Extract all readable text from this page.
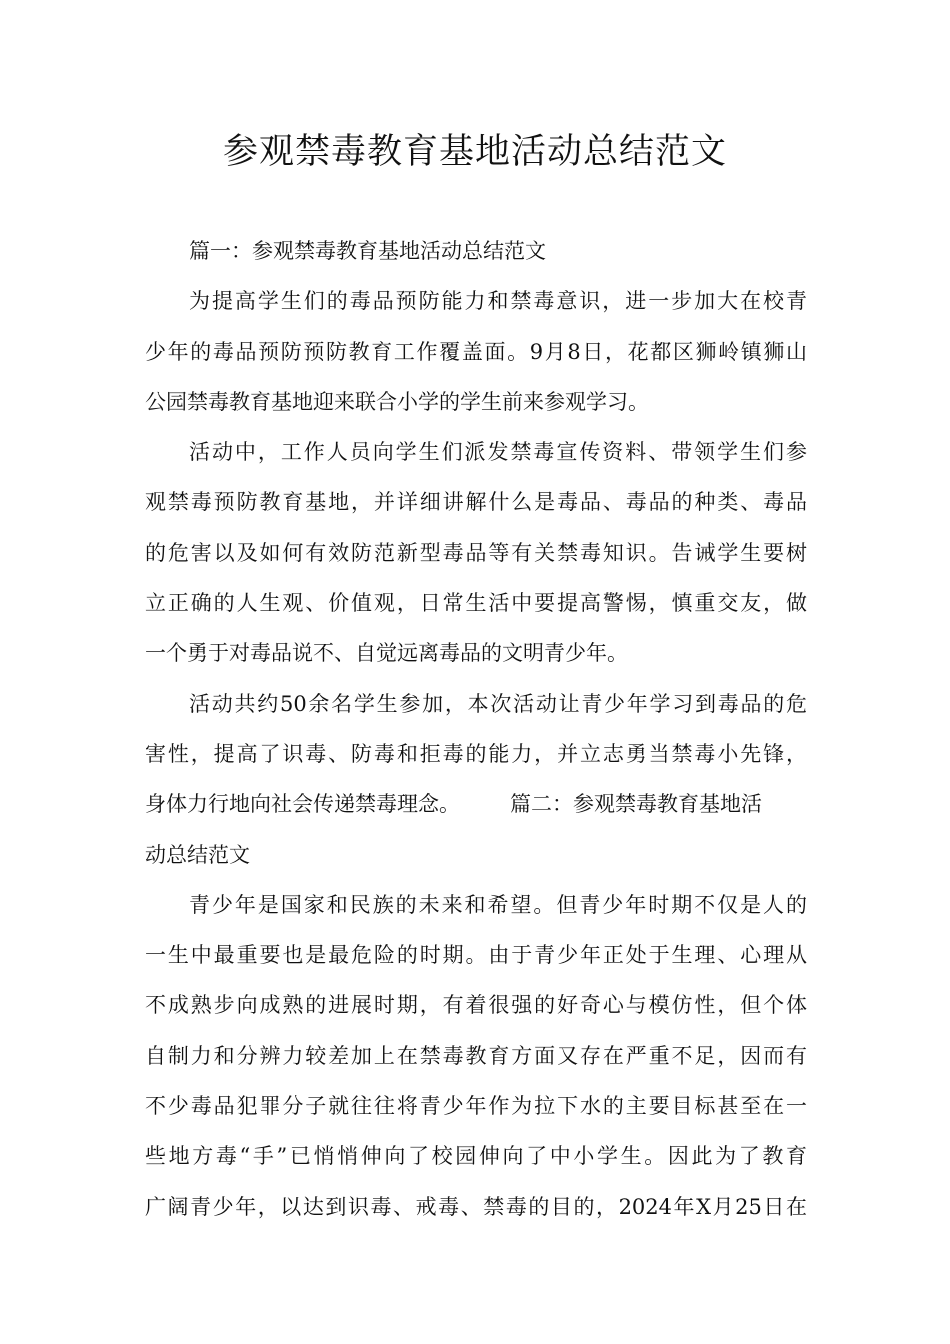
参观禁毒教育基地活动总结范文
篇一：参观禁毒教育基地活动总结范文
为提高学生们的毒品预防能力和禁毒意识，进一步加大在校青
少年的毒品预防预防教育工作覆盖面。9月8日，花都区狮岭镇狮山
公园禁毒教育基地迎来联合小学的学生前来参观学习。
活动中，工作人员向学生们派发禁毒宣传资料、带领学生们参
观禁毒预防教育基地，并详细讲解什么是毒品、毒品的种类、毒品
的危害以及如何有效防范新型毒品等有关禁毒知识。告诫学生要树
立正确的人生观、价值观，日常生活中要提高警惕，慎重交友，做
一个勇于对毒品说不、自觉远离毒品的文明青少年。
活动共约50余名学生参加，本次活动让青少年学习到毒品的危
害性，提高了识毒、防毒和拒毒的能力，并立志勇当禁毒小先锋，
身体力行地向社会传递禁毒理念。 篇二：参观禁毒教育基地活
动总结范文
青少年是国家和民族的未来和希望。但青少年时期不仅是人的
一生中最重要也是最危险的时期。由于青少年正处于生理、心理从
不成熟步向成熟的进展时期，有着很强的好奇心与模仿性，但个体
自制力和分辨力较差加上在禁毒教育方面又存在严重不足，因而有
不少毒品犯罪分子就往往将青少年作为拉下水的主要目标甚至在一
些地方毒“手”已悄悄伸向了校园伸向了中小学生。因此为了教育
广阔青少年，以达到识毒、戒毒、禁毒的目的，2024年X月25日在
